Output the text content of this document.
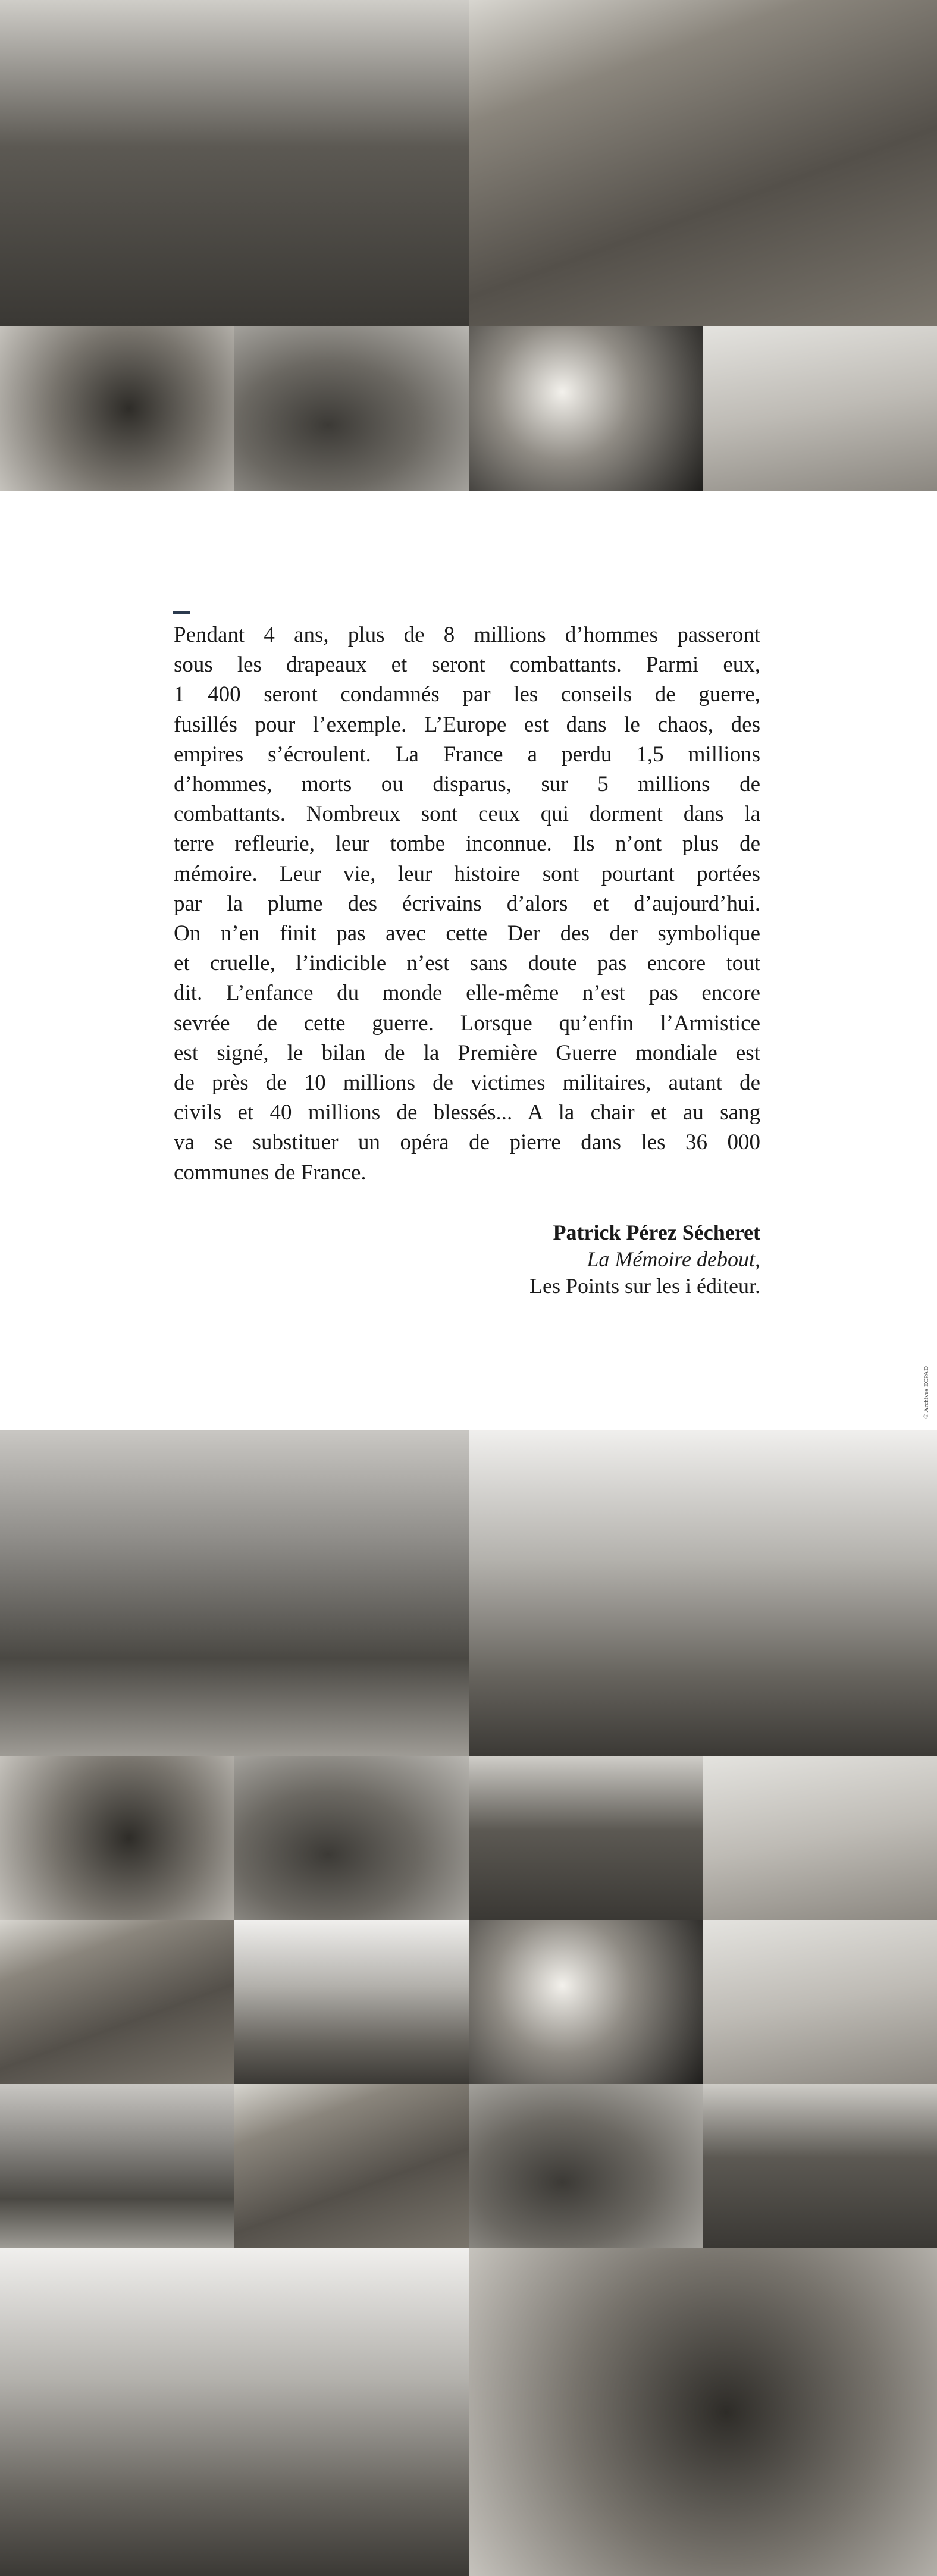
Pendant 4 ans, plus de 8 millions d’hommes passeront
sous les drapeaux et seront combattants. Parmi eux,
1 400 seront condamnés par les conseils de guerre,
fusillés pour l’exemple. L’Europe est dans le chaos, des
empires s’écroulent. La France a perdu 1,5 millions
d’hommes, morts ou disparus, sur 5 millions de
combattants. Nombreux sont ceux qui dorment dans la
terre refleurie, leur tombe inconnue. Ils n’ont plus de
mémoire. Leur vie, leur histoire sont pourtant portées
par la plume des écrivains d’alors et d’aujourd’hui.
On n’en finit pas avec cette Der des der symbolique
et cruelle, l’indicible n’est sans doute pas encore tout
dit. L’enfance du monde elle-même n’est pas encore
sevrée de cette guerre. Lorsque qu’enfin l’Armistice
est signé, le bilan de la Première Guerre mondiale est
de près de 10 millions de victimes militaires, autant de
civils et 40 millions de blessés... A la chair et au sang
va se substituer un opéra de pierre dans les 36 000
communes de France.
Patrick Pérez Sécheret
La Mémoire debout,
Les Points sur les i éditeur.
© Archives ECPAD
